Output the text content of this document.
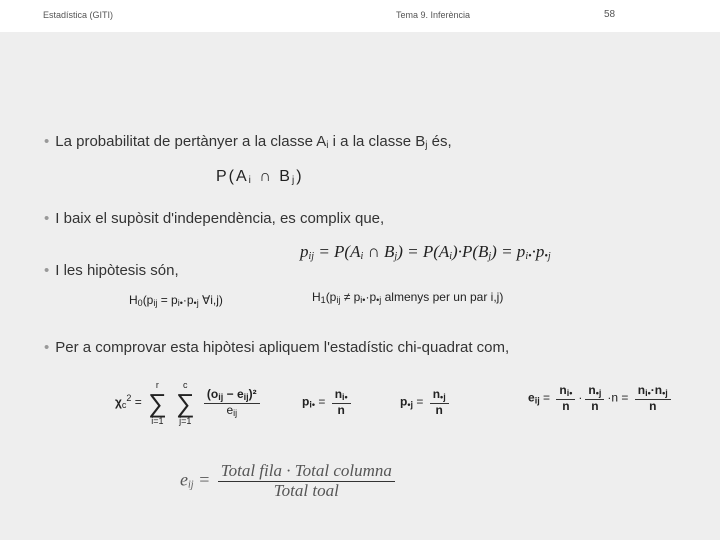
Estadística (GITI)	Tema 9. Inferència	58
• La probabilitat de pertànyer a la classe $A_i$ i a la classe $B_j$ és,
$P(A_i$ ∩ $B_j$)
• I baix el supòsit d'independència, es complix que,
$p_{ij} = P(A_i$ ∩ $B_j) = P(A_i)\cdot P(B_j) = p_{i•}\cdot p_{•j}$
• I les hipòtesis són,
$H_0(p_{ij} = p_{i•}\cdot p_{•j}$ ∀i,j)	$H_1(p_{ij} \ne p_{i•}\cdot p_{•j}$ almenys per un par i,j)
• Per a comprovar esta hipòtesi apliquem l'estadístic chi-quadrat com,
$\chi_c^2$ =
r
∑
i=1

c
∑
j=1

$\frac{(o_{ij} - e_{ij})^2}{e_{ij}}$	$p_{i•} = \frac{n_{i•}}{n}$	$p_{•j} = \frac{n_{•j}}{n}$	$e_{ij} = \frac{n_{i•}}{n} \cdot \frac{n_{•j}}{n} \cdot n = \frac{n_{i•}\cdot n_{•j}}{n}$
$e_{ij} = \frac{\text{Total fila · Total columna}}{\text{Total toal}}$
